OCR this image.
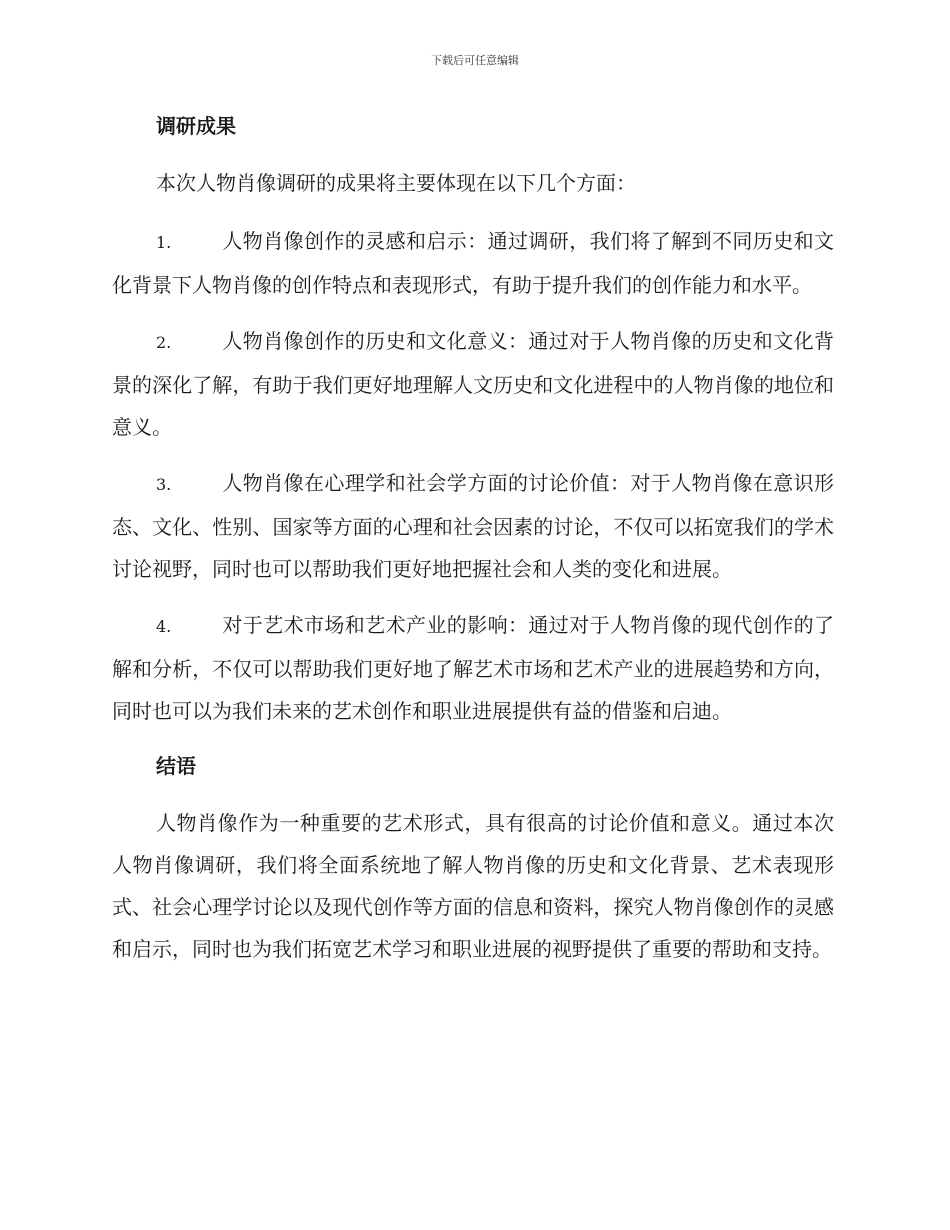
下载后可任意编辑
调研成果

本次人物肖像调研的成果将主要体现在以下几个方面：

1.	人物肖像创作的灵感和启示：通过调研，我们将了解到不同历史和文化背景下人物肖像的创作特点和表现形式，有助于提升我们的创作能力和水平。

2.	人物肖像创作的历史和文化意义：通过对于人物肖像的历史和文化背景的深化了解，有助于我们更好地理解人文历史和文化进程中的人物肖像的地位和意义。

3.	人物肖像在心理学和社会学方面的讨论价值：对于人物肖像在意识形态、文化、性别、国家等方面的心理和社会因素的讨论，不仅可以拓宽我们的学术讨论视野，同时也可以帮助我们更好地把握社会和人类的变化和进展。

4.	对于艺术市场和艺术产业的影响：通过对于人物肖像的现代创作的了解和分析，不仅可以帮助我们更好地了解艺术市场和艺术产业的进展趋势和方向，同时也可以为我们未来的艺术创作和职业进展提供有益的借鉴和启迪。

结语

人物肖像作为一种重要的艺术形式，具有很高的讨论价值和意义。通过本次人物肖像调研，我们将全面系统地了解人物肖像的历史和文化背景、艺术表现形式、社会心理学讨论以及现代创作等方面的信息和资料，探究人物肖像创作的灵感和启示，同时也为我们拓宽艺术学习和职业进展的视野提供了重要的帮助和支持。
